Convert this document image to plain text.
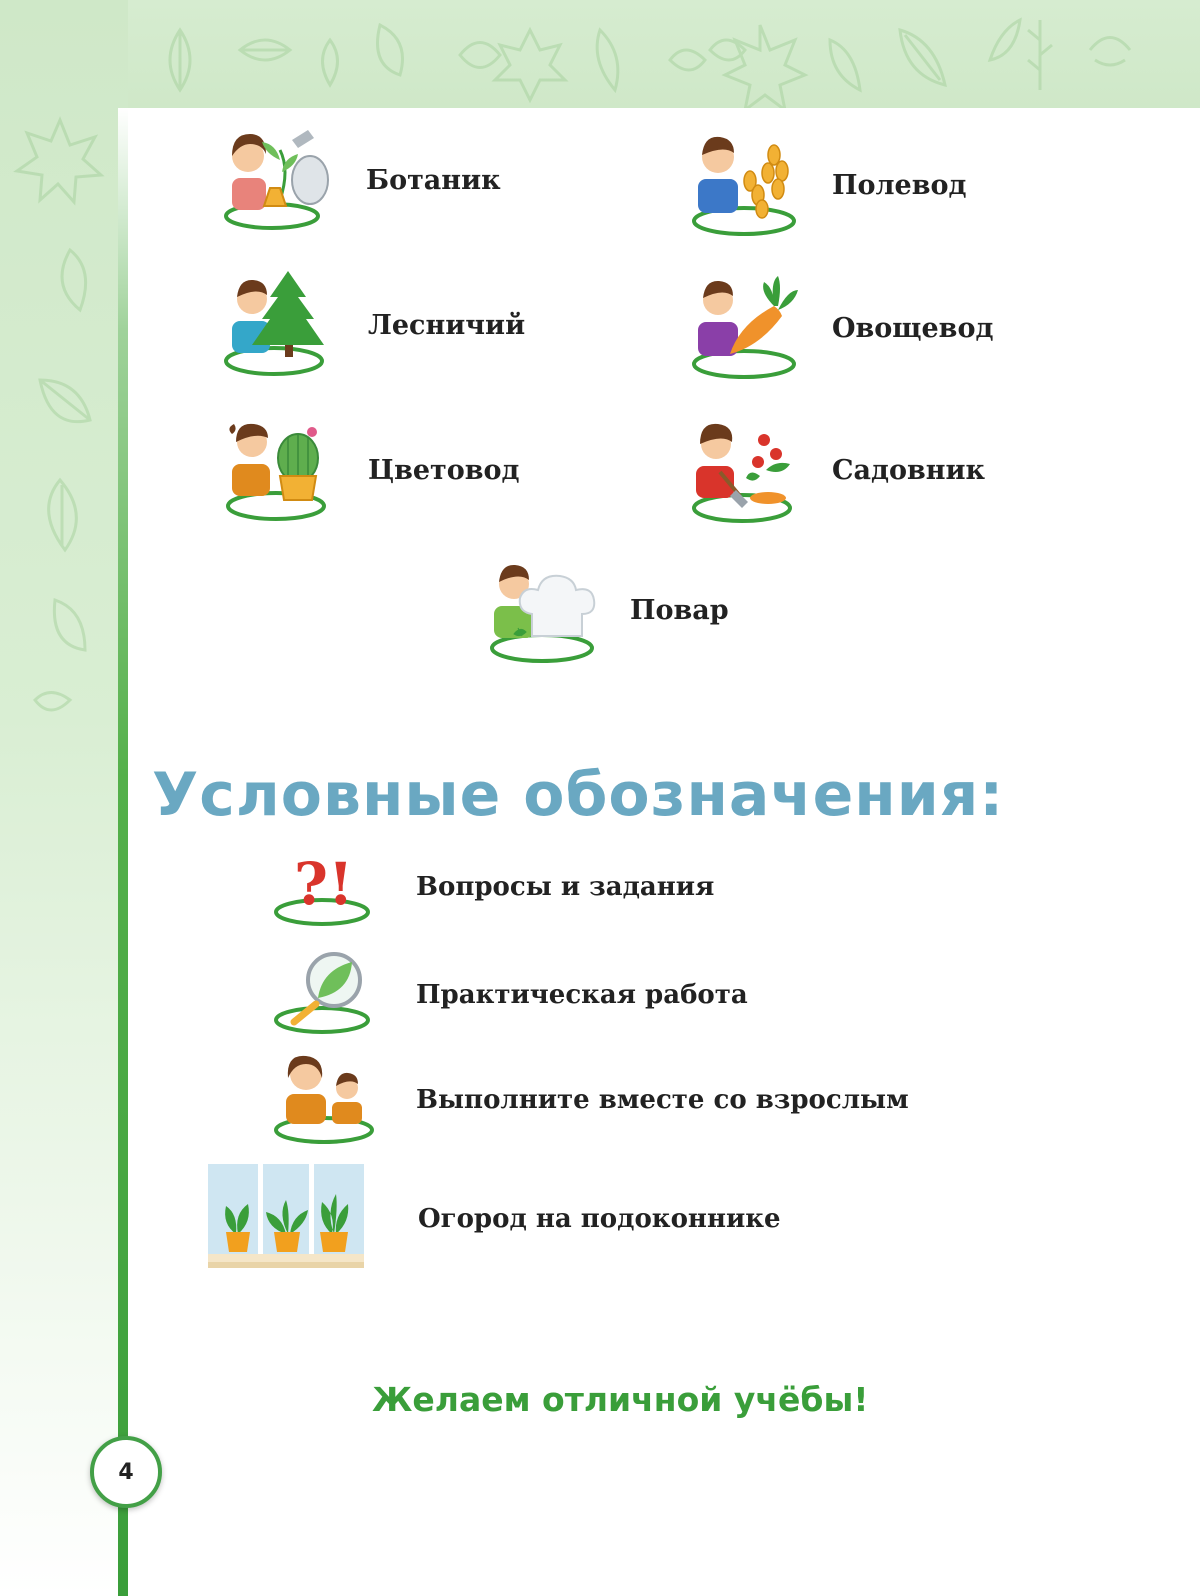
Ботаник	Полевод
Лесничий	Овощевод
Цветовод	Садовник
Повар
Условные обозначения:
?! Вопросы и задания
Практическая работа
Выполните вместе со взрослым
Огород на подоконнике
Желаем отличной учёбы!
4
